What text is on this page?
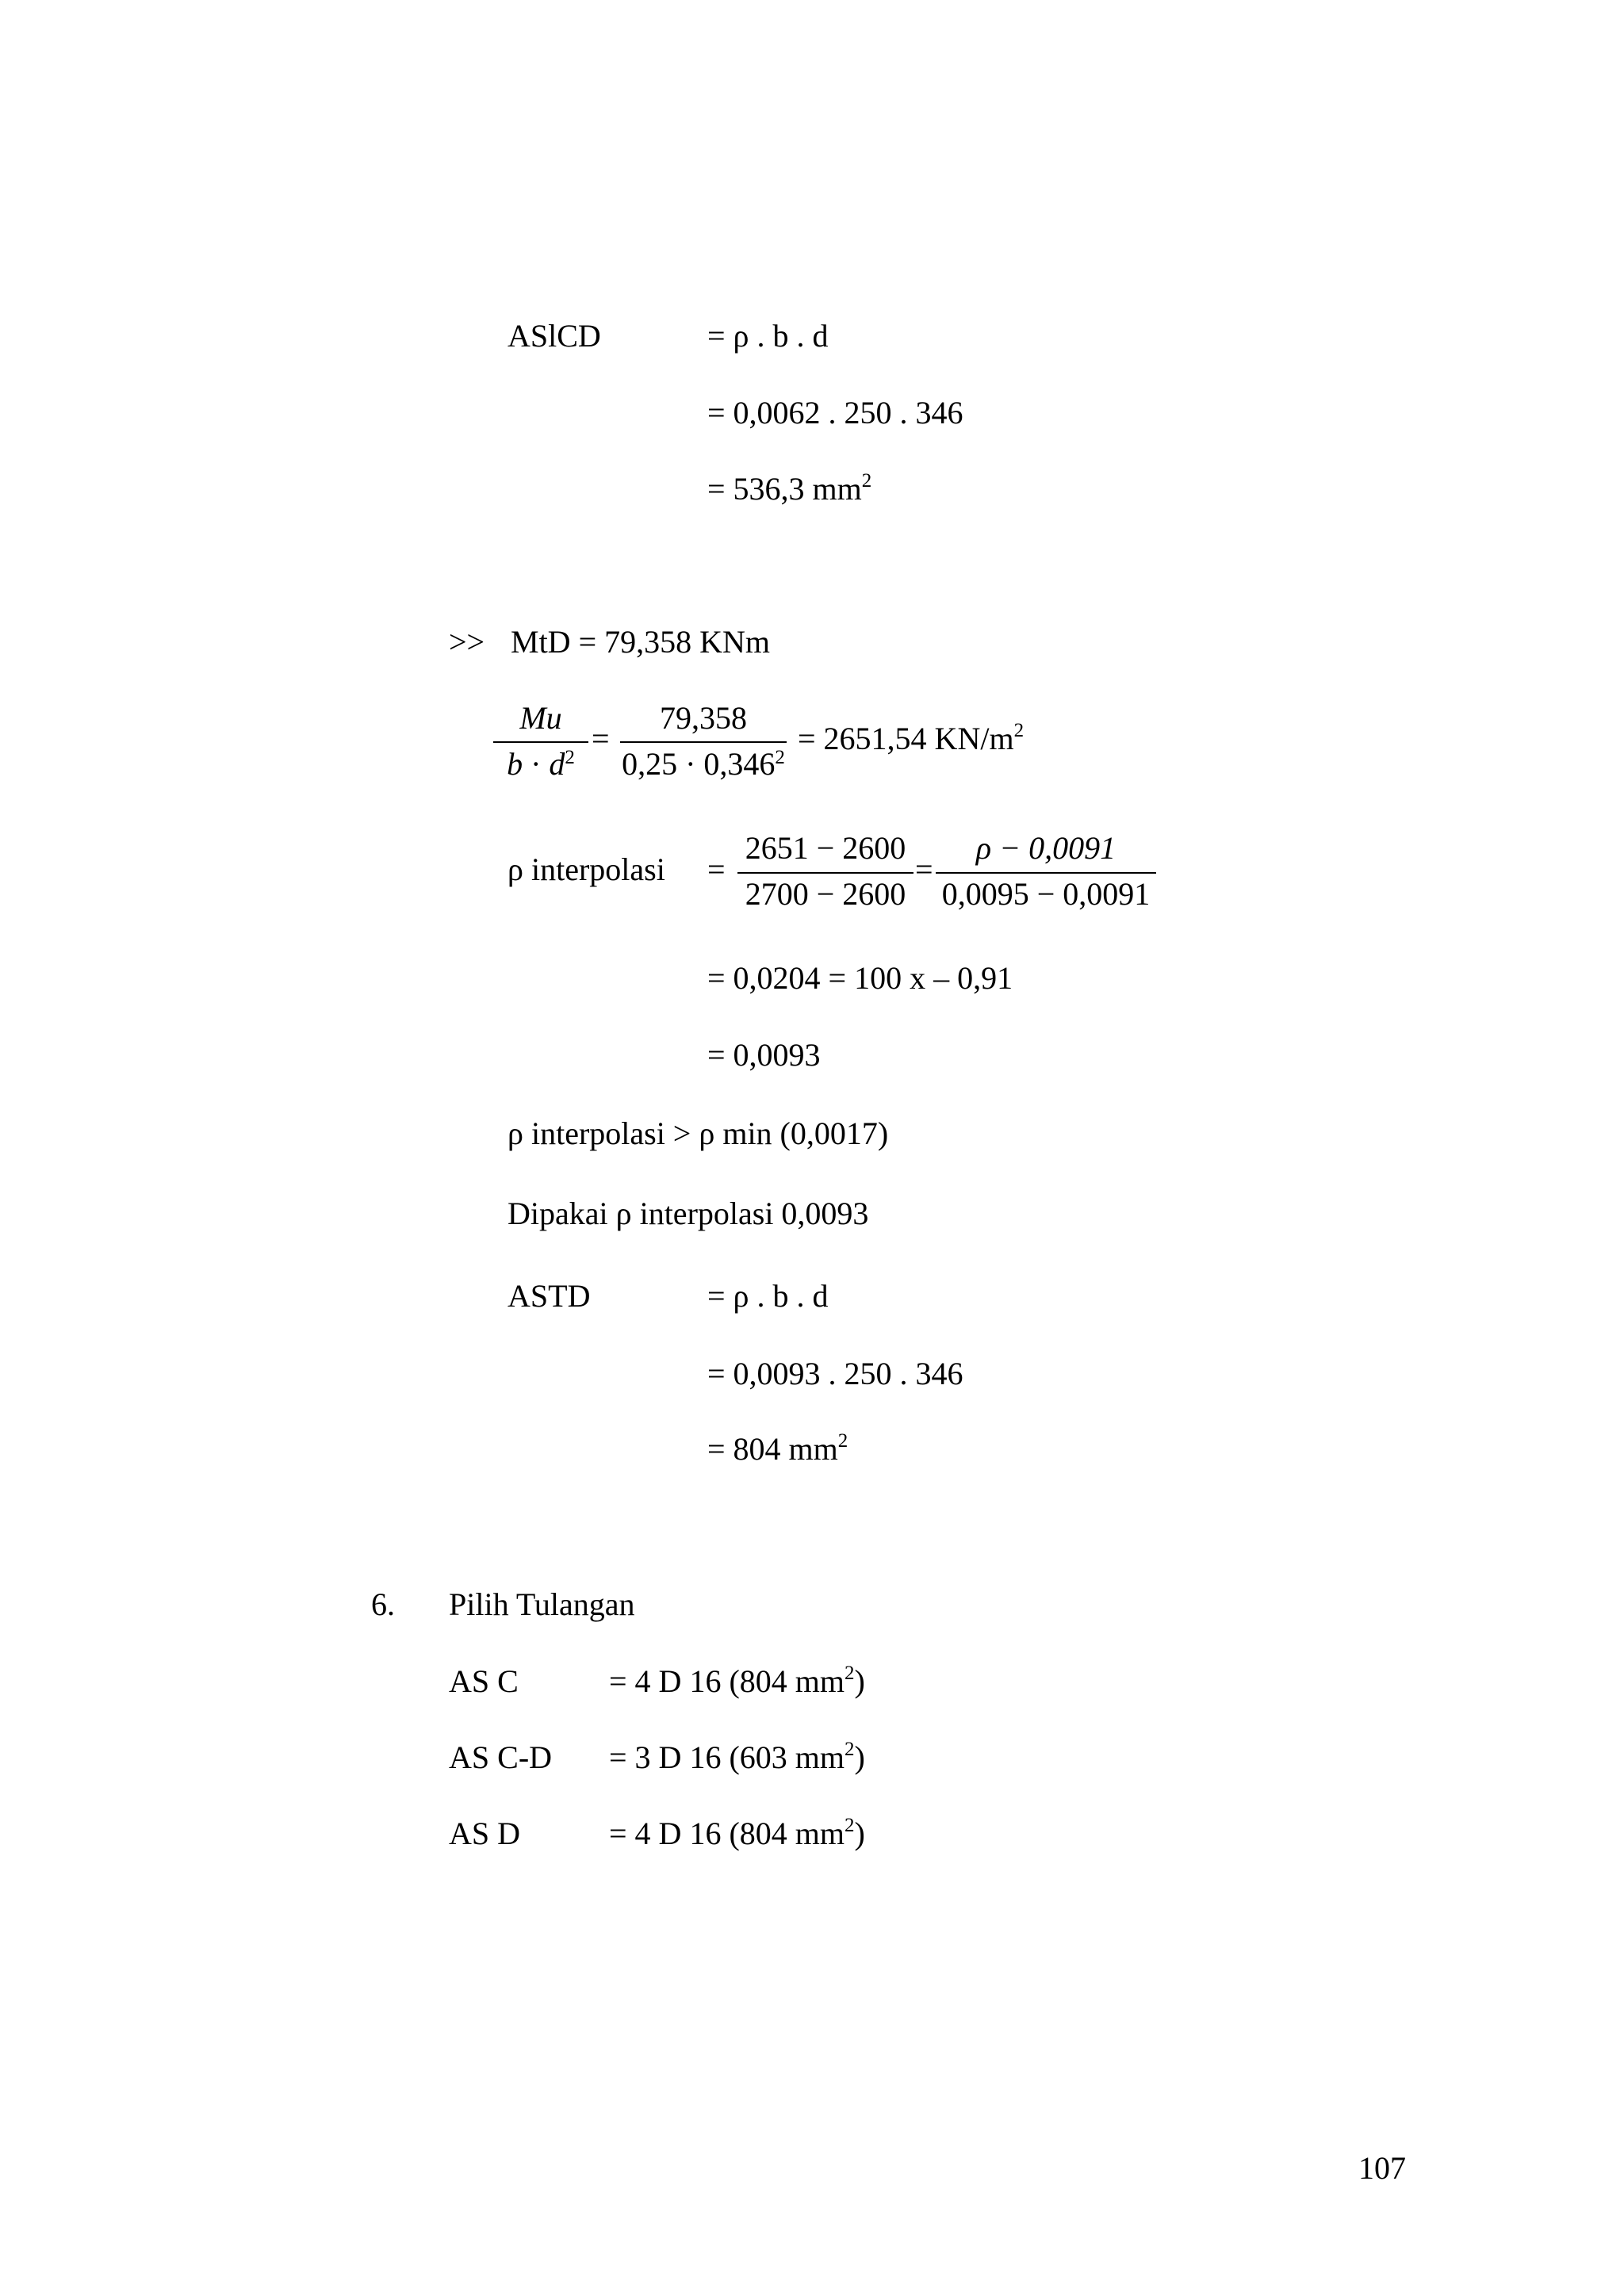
ASlCD	= ρ . b . d
= 0,0062 . 250 . 346
= 536,3 $mm^2$
>> MtD = 79,358 KNm
Mu
$b \cdot d^2$
=
79,358
$0,25 \cdot 0,346^2$
= 2651,54 $KN/m^2$
ρ interpolasi =
2651 − 2600
2700 − 2600
=
ρ − 0,0091
0,0095 − 0,0091
= 0,0204 = 100 x – 0,91
= 0,0093
ρ interpolasi > ρ min (0,0017)
Dipakai ρ interpolasi 0,0093
ASTD	= ρ . b . d
= 0,0093 . 250 . 346
= 804 $mm^2$
6. Pilih Tulangan
AS C	= 4 D 16 (804 $mm^2$)
AS C-D = 3 D 16 (603 $mm^2$)
AS D	= 4 D 16 (804 $mm^2$)
107
